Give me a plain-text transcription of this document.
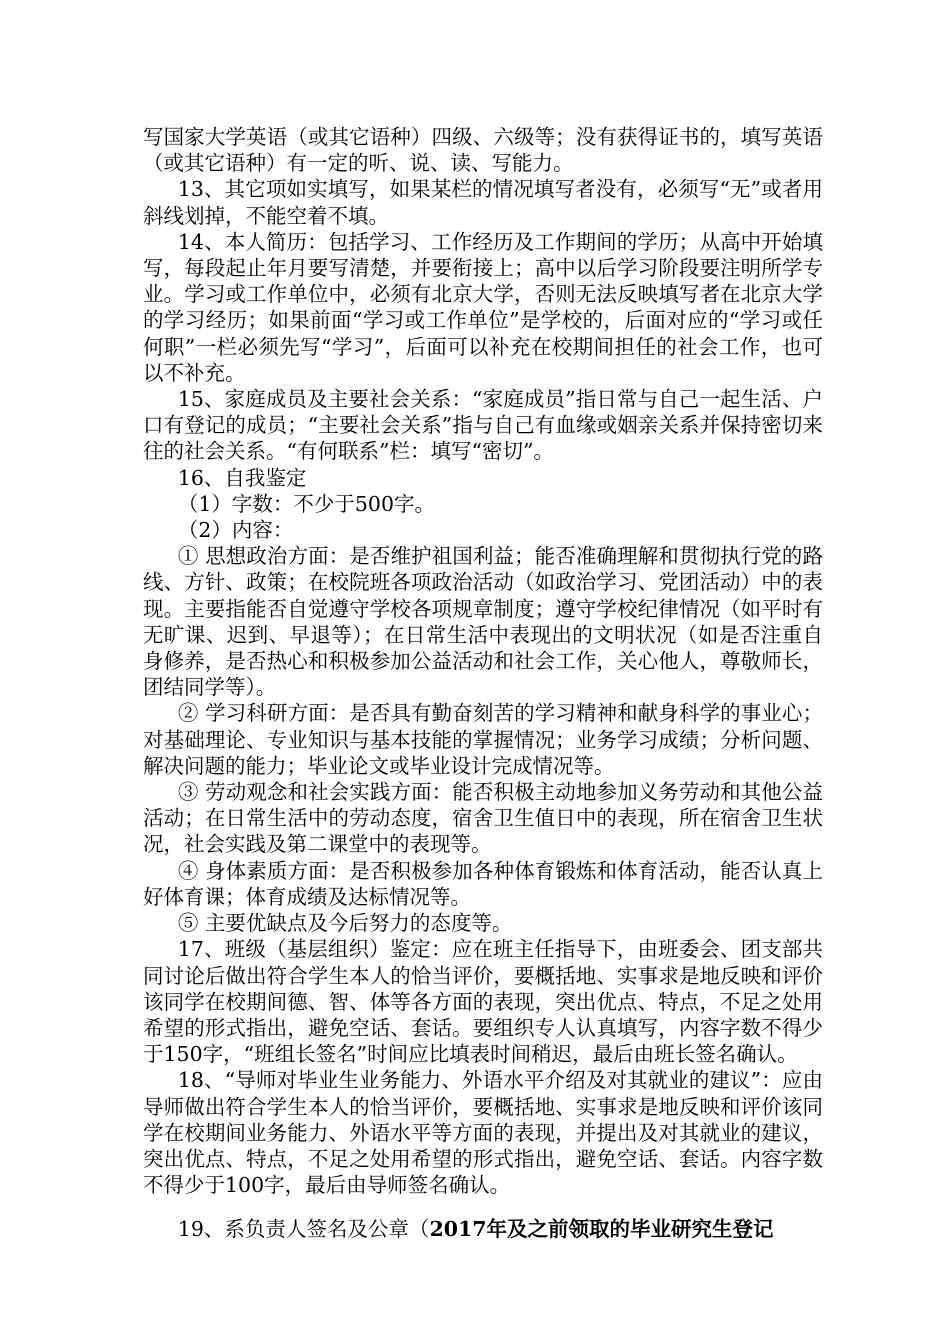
写国家大学英语（或其它语种）四级、六级等；没有获得证书的，填写英语（或其它语种）有一定的听、说、读、写能力。

13、其它项如实填写，如果某栏的情况填写者没有，必须写“无”或者用斜线划掉，不能空着不填。

14、本人简历：包括学习、工作经历及工作期间的学历；从高中开始填写，每段起止年月要写清楚，并要衔接上；高中以后学习阶段要注明所学专业。学习或工作单位中，必须有北京大学，否则无法反映填写者在北京大学的学习经历；如果前面“学习或工作单位”是学校的，后面对应的“学习或任何职”一栏必须先写“学习”，后面可以补充在校期间担任的社会工作，也可以不补充。

15、家庭成员及主要社会关系：“家庭成员”指日常与自己一起生活、户口有登记的成员；“主要社会关系”指与自己有血缘或姻亲关系并保持密切来往的社会关系。“有何联系”栏：填写“密切”。

16、自我鉴定

（1）字数：不少于500字。

（2）内容：

① 思想政治方面：是否维护祖国利益；能否准确理解和贯彻执行党的路线、方针、政策；在校院班各项政治活动（如政治学习、党团活动）中的表现。主要指能否自觉遵守学校各项规章制度；遵守学校纪律情况（如平时有无旷课、迟到、早退等）；在日常生活中表现出的文明状况（如是否注重自身修养，是否热心和积极参加公益活动和社会工作，关心他人，尊敬师长，团结同学等）。

② 学习科研方面：是否具有勤奋刻苦的学习精神和献身科学的事业心；对基础理论、专业知识与基本技能的掌握情况；业务学习成绩；分析问题、解决问题的能力；毕业论文或毕业设计完成情况等。

③ 劳动观念和社会实践方面：能否积极主动地参加义务劳动和其他公益活动；在日常生活中的劳动态度，宿舍卫生值日中的表现，所在宿舍卫生状况，社会实践及第二课堂中的表现等。

④ 身体素质方面：是否积极参加各种体育锻炼和体育活动，能否认真上好体育课；体育成绩及达标情况等。

⑤ 主要优缺点及今后努力的态度等。

17、班级（基层组织）鉴定：应在班主任指导下，由班委会、团支部共同讨论后做出符合学生本人的恰当评价，要概括地、实事求是地反映和评价该同学在校期间德、智、体等各方面的表现，突出优点、特点，不足之处用希望的形式指出，避免空话、套话。要组织专人认真填写，内容字数不得少于150字，“班组长签名”时间应比填表时间稍迟，最后由班长签名确认。

18、“导师对毕业生业务能力、外语水平介绍及对其就业的建议”：应由导师做出符合学生本人的恰当评价，要概括地、实事求是地反映和评价该同学在校期间业务能力、外语水平等方面的表现，并提出及对其就业的建议，突出优点、特点，不足之处用希望的形式指出，避免空话、套话。内容字数不得少于100字，最后由导师签名确认。

19、系负责人签名及公章（2017年及之前领取的毕业研究生登记
